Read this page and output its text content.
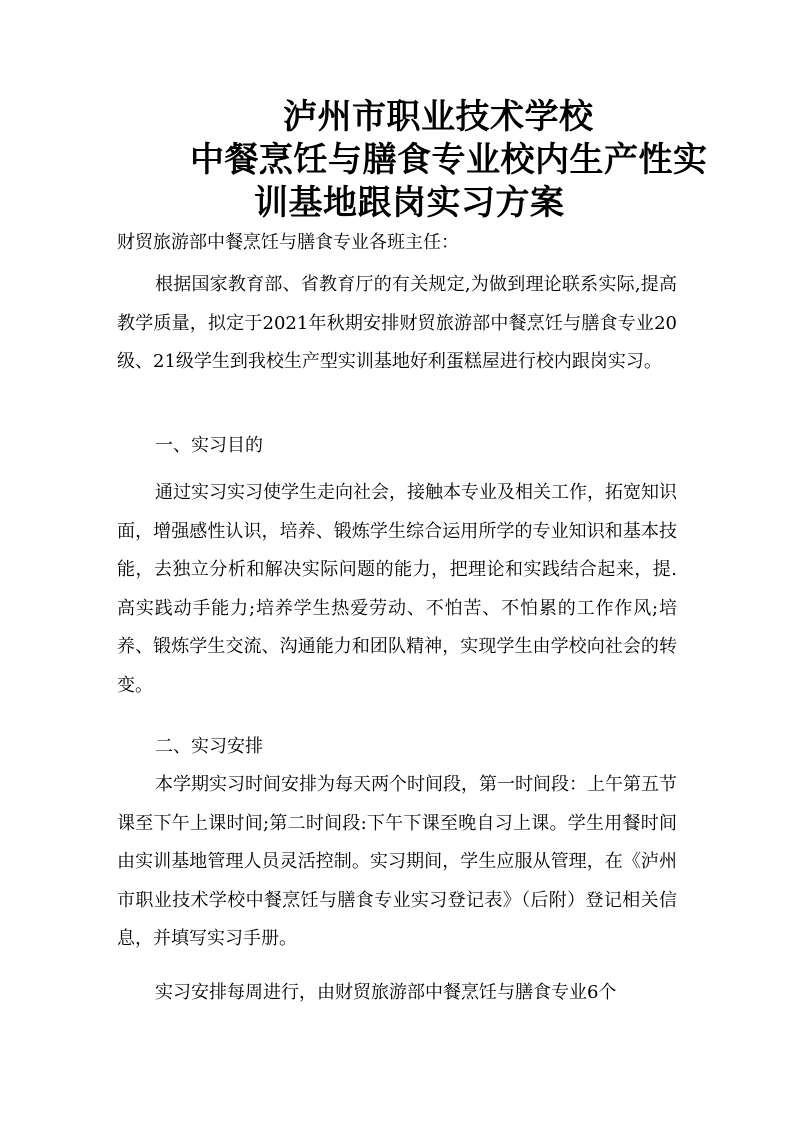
泸州市职业技术学校
中餐烹饪与膳食专业校内生产性实
训基地跟岗实习方案

财贸旅游部中餐烹饪与膳食专业各班主任：

根据国家教育部、省教育厅的有关规定,为做到理论联系实际,提高教学质量，拟定于2021年秋期安排财贸旅游部中餐烹饪与膳食专业20级、21级学生到我校生产型实训基地好利蛋糕屋进行校内跟岗实习。

一、实习目的

通过实习实习使学生走向社会，接触本专业及相关工作，拓宽知识面，增强感性认识，培养、锻炼学生综合运用所学的专业知识和基本技能，去独立分析和解决实际问题的能力，把理论和实践结合起来，提.高实践动手能力;培养学生热爱劳动、不怕苦、不怕累的工作作风;培养、锻炼学生交流、沟通能力和团队精神，实现学生由学校向社会的转变。

二、实习安排

本学期实习时间安排为每天两个时间段，第一时间段：上午第五节课至下午上课时间;第二时间段:下午下课至晚自习上课。学生用餐时间由实训基地管理人员灵活控制。实习期间，学生应服从管理，在《泸州市职业技术学校中餐烹饪与膳食专业实习登记表》（后附）登记相关信息，并填写实习手册。

实习安排每周进行，由财贸旅游部中餐烹饪与膳食专业6个
